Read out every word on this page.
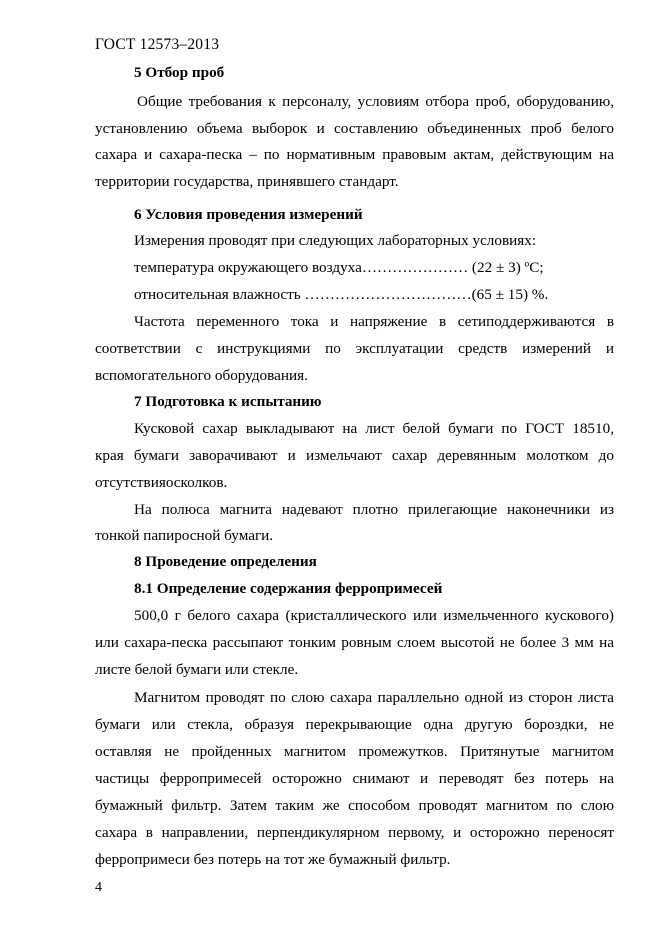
ГОСТ 12573–2013
5 Отбор проб
Общие требования к персоналу, условиям отбора проб, оборудованию,
установлению объема выборок и составлению объединенных проб белого
сахара и сахара-песка – по нормативным правовым актам, действующим на
территории государства, принявшего стандарт.
6 Условия проведения измерений
Измерения проводят при следующих лабораторных условиях:
температура окружающего воздуха………………… (22 ± 3) ºС;
относительная влажность ……………………………(65 ± 15) %.
Частота переменного тока и напряжение в сетиподдерживаются в
соответствии с инструкциями по эксплуатации средств измерений и
вспомогательного оборудования.
7 Подготовка к испытанию
Кусковой сахар выкладывают на лист белой бумаги по ГОСТ 18510,
края бумаги заворачивают и измельчают сахар деревянным молотком до
отсутствияосколков.
На полюса магнита надевают плотно прилегающие наконечники из
тонкой папиросной бумаги.
8 Проведение определения
8.1 Определение содержания ферропримесей
500,0 г белого сахара (кристаллического или измельченного кускового)
или сахара-песка рассыпают тонким ровным слоем высотой не более 3 мм на
листе белой бумаги или стекле.
Магнитом проводят по слою сахара параллельно одной из сторон листа
бумаги или стекла, образуя перекрывающие одна другую бороздки, не
оставляя не пройденных магнитом промежутков. Притянутые магнитом
частицы ферропримесей осторожно снимают и переводят без потерь на
бумажный фильтр. Затем таким же способом проводят магнитом по слою
сахара в направлении, перпендикулярном первому, и осторожно переносят
ферропримеси без потерь на тот же бумажный фильтр.
4
